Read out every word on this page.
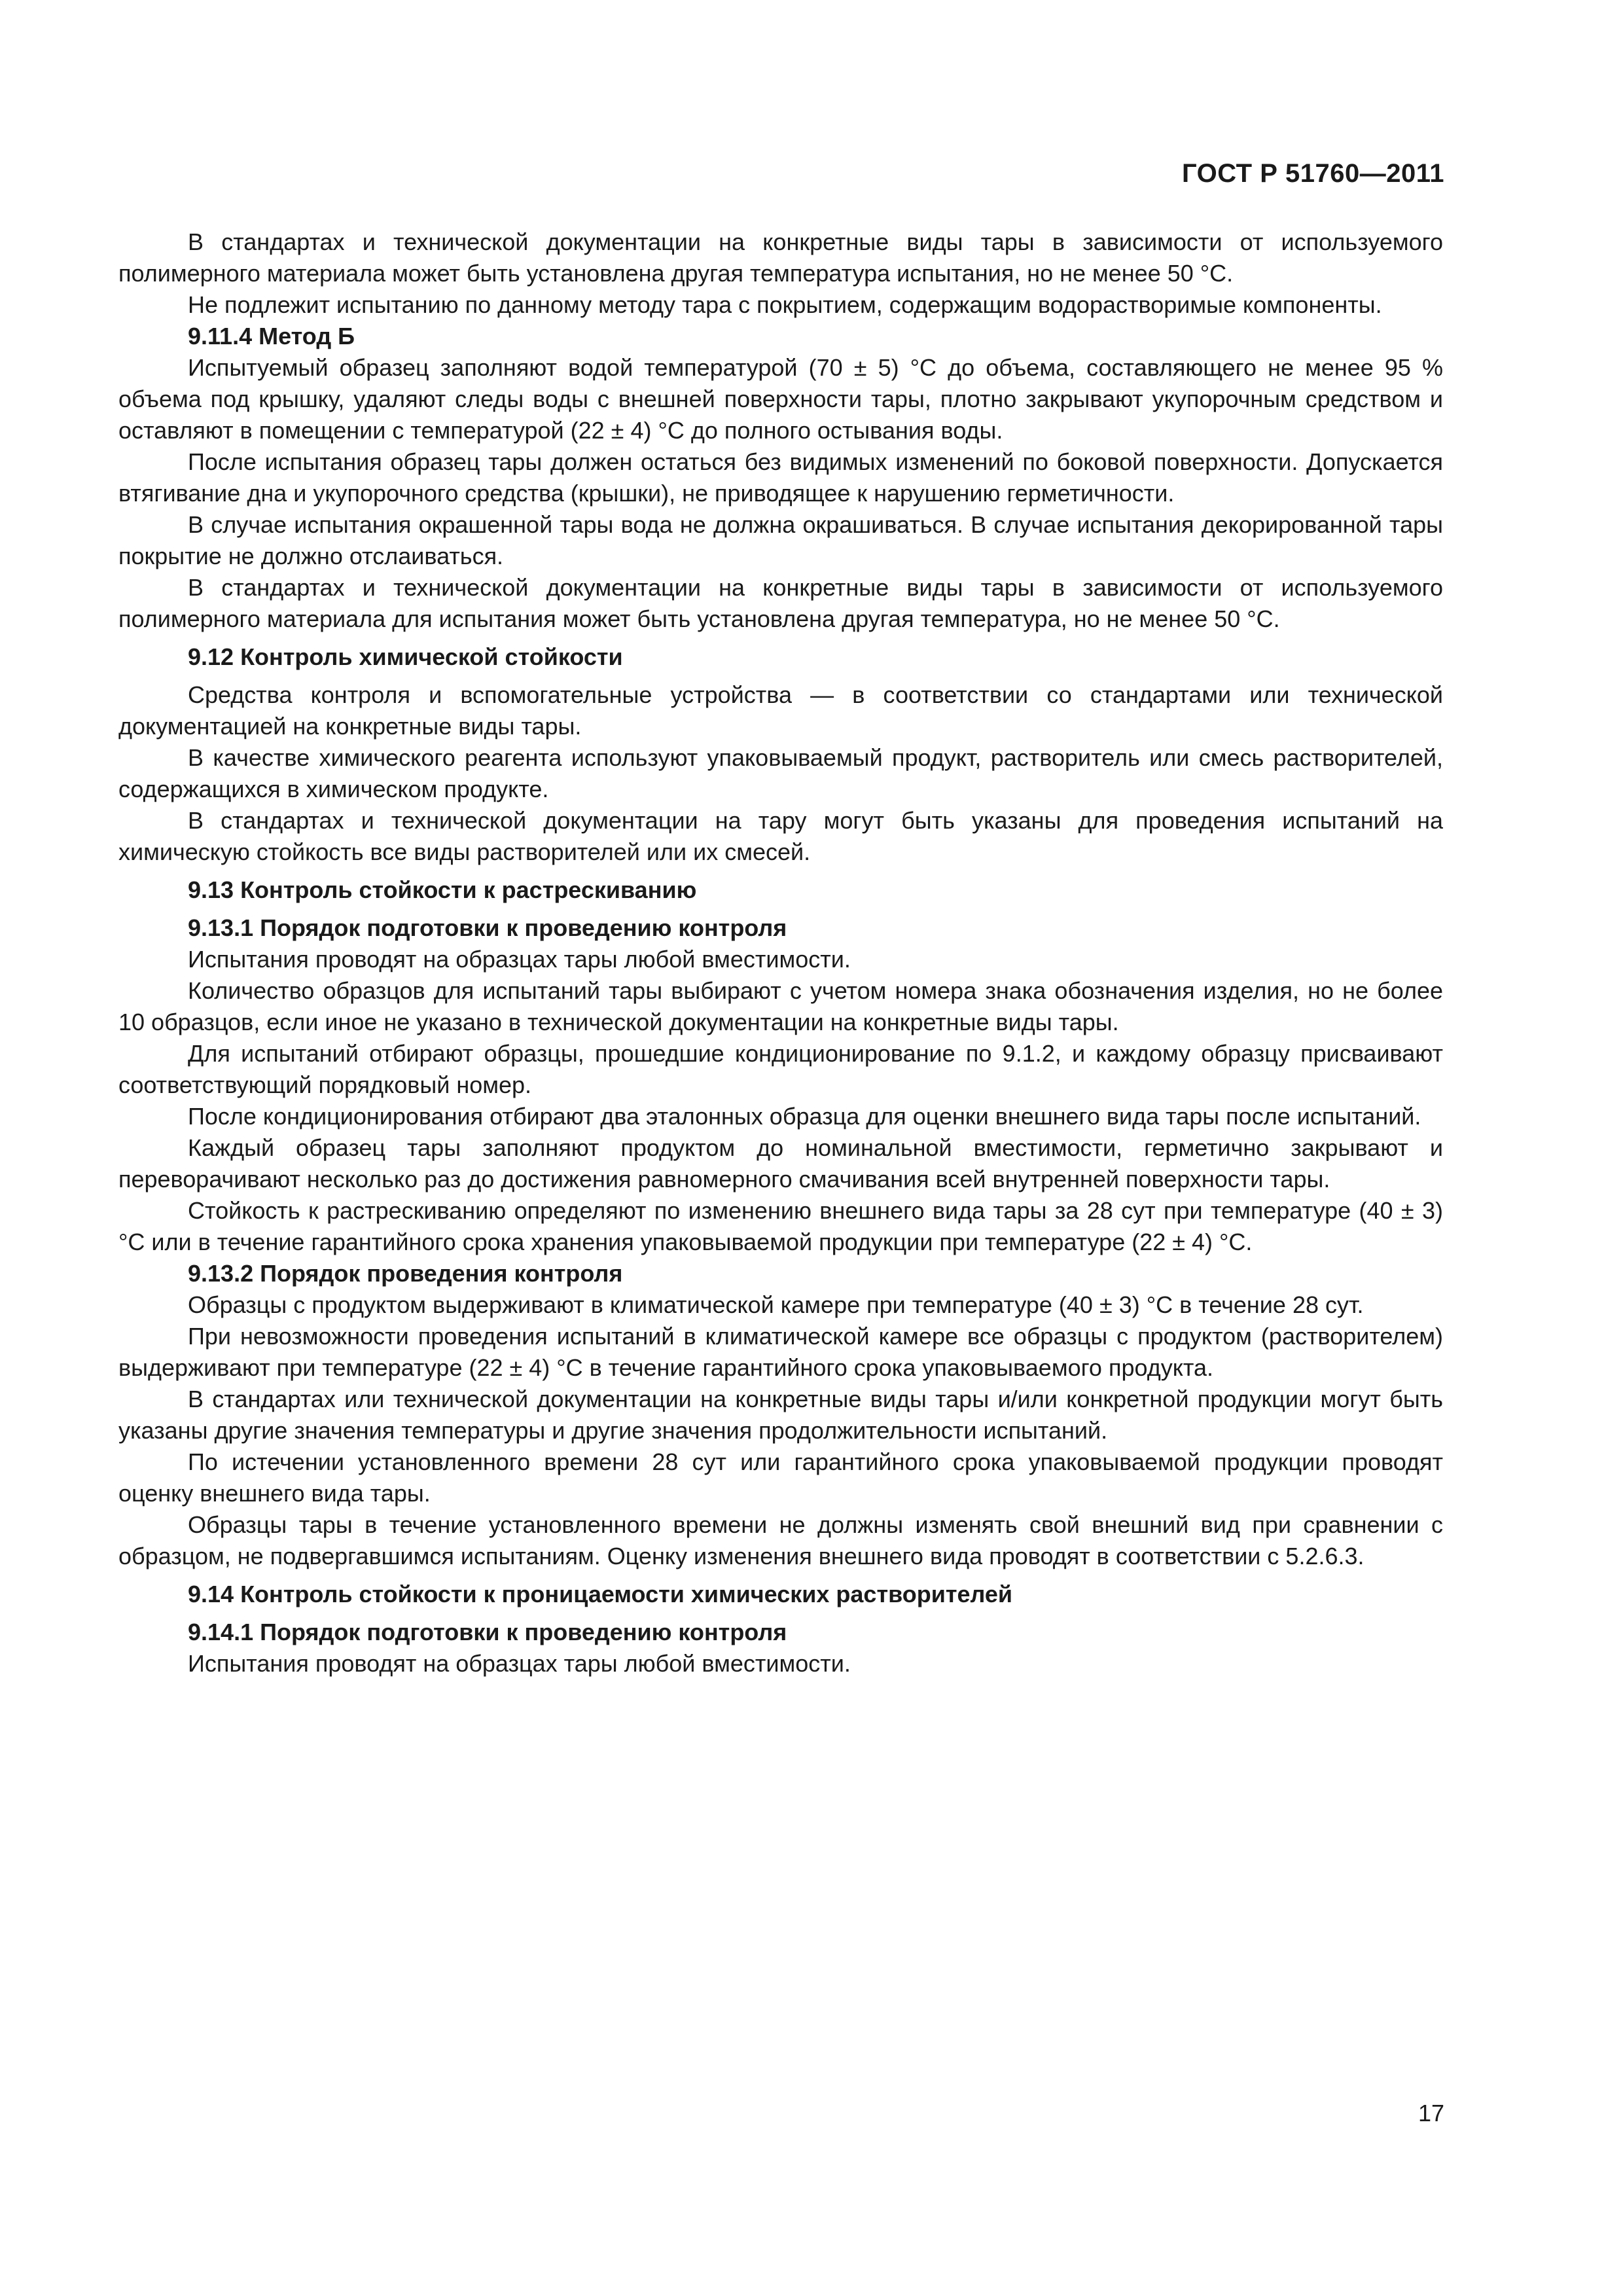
ГОСТ Р 51760—2011
В стандартах и технической документации на конкретные виды тары в зависимости от используемого полимерного материала может быть установлена другая температура испытания, но не менее 50 °С.
Не подлежит испытанию по данному методу тара с покрытием, содержащим водорастворимые компоненты.
9.11.4 Метод Б
Испытуемый образец заполняют водой температурой (70 ± 5) °С до объема, составляющего не менее 95 % объема под крышку, удаляют следы воды с внешней поверхности тары, плотно закрывают укупорочным средством и оставляют в помещении с температурой (22 ± 4) °С до полного остывания воды.
После испытания образец тары должен остаться без видимых изменений по боковой поверхности. Допускается втягивание дна и укупорочного средства (крышки), не приводящее к нарушению герметичности.
В случае испытания окрашенной тары вода не должна окрашиваться. В случае испытания декорированной тары покрытие не должно отслаиваться.
В стандартах и технической документации на конкретные виды тары в зависимости от используемого полимерного материала для испытания может быть установлена другая температура, но не менее 50 °С.
9.12 Контроль химической стойкости
Средства контроля и вспомогательные устройства — в соответствии со стандартами или технической документацией на конкретные виды тары.
В качестве химического реагента используют упаковываемый продукт, растворитель или смесь растворителей, содержащихся в химическом продукте.
В стандартах и технической документации на тару могут быть указаны для проведения испытаний на химическую стойкость все виды растворителей или их смесей.
9.13 Контроль стойкости к растрескиванию
9.13.1 Порядок подготовки к проведению контроля
Испытания проводят на образцах тары любой вместимости.
Количество образцов для испытаний тары выбирают с учетом номера знака обозначения изделия, но не более 10 образцов, если иное не указано в технической документации на конкретные виды тары.
Для испытаний отбирают образцы, прошедшие кондиционирование по 9.1.2, и каждому образцу присваивают соответствующий порядковый номер.
После кондиционирования отбирают два эталонных образца для оценки внешнего вида тары после испытаний.
Каждый образец тары заполняют продуктом до номинальной вместимости, герметично закрывают и переворачивают несколько раз до достижения равномерного смачивания всей внутренней поверхности тары.
Стойкость к растрескиванию определяют по изменению внешнего вида тары за 28 сут при температуре (40 ± 3) °С или в течение гарантийного срока хранения упаковываемой продукции при температуре (22 ± 4) °С.
9.13.2 Порядок проведения контроля
Образцы с продуктом выдерживают в климатической камере при температуре (40 ± 3) °С в течение 28 сут.
При невозможности проведения испытаний в климатической камере все образцы с продуктом (растворителем) выдерживают при температуре (22 ± 4) °С в течение гарантийного срока упаковываемого продукта.
В стандартах или технической документации на конкретные виды тары и/или конкретной продукции могут быть указаны другие значения температуры и другие значения продолжительности испытаний.
По истечении установленного времени 28 сут или гарантийного срока упаковываемой продукции проводят оценку внешнего вида тары.
Образцы тары в течение установленного времени не должны изменять свой внешний вид при сравнении с образцом, не подвергавшимся испытаниям. Оценку изменения внешнего вида проводят в соответствии с 5.2.6.3.
9.14 Контроль стойкости к проницаемости химических растворителей
9.14.1 Порядок подготовки к проведению контроля
Испытания проводят на образцах тары любой вместимости.
17
